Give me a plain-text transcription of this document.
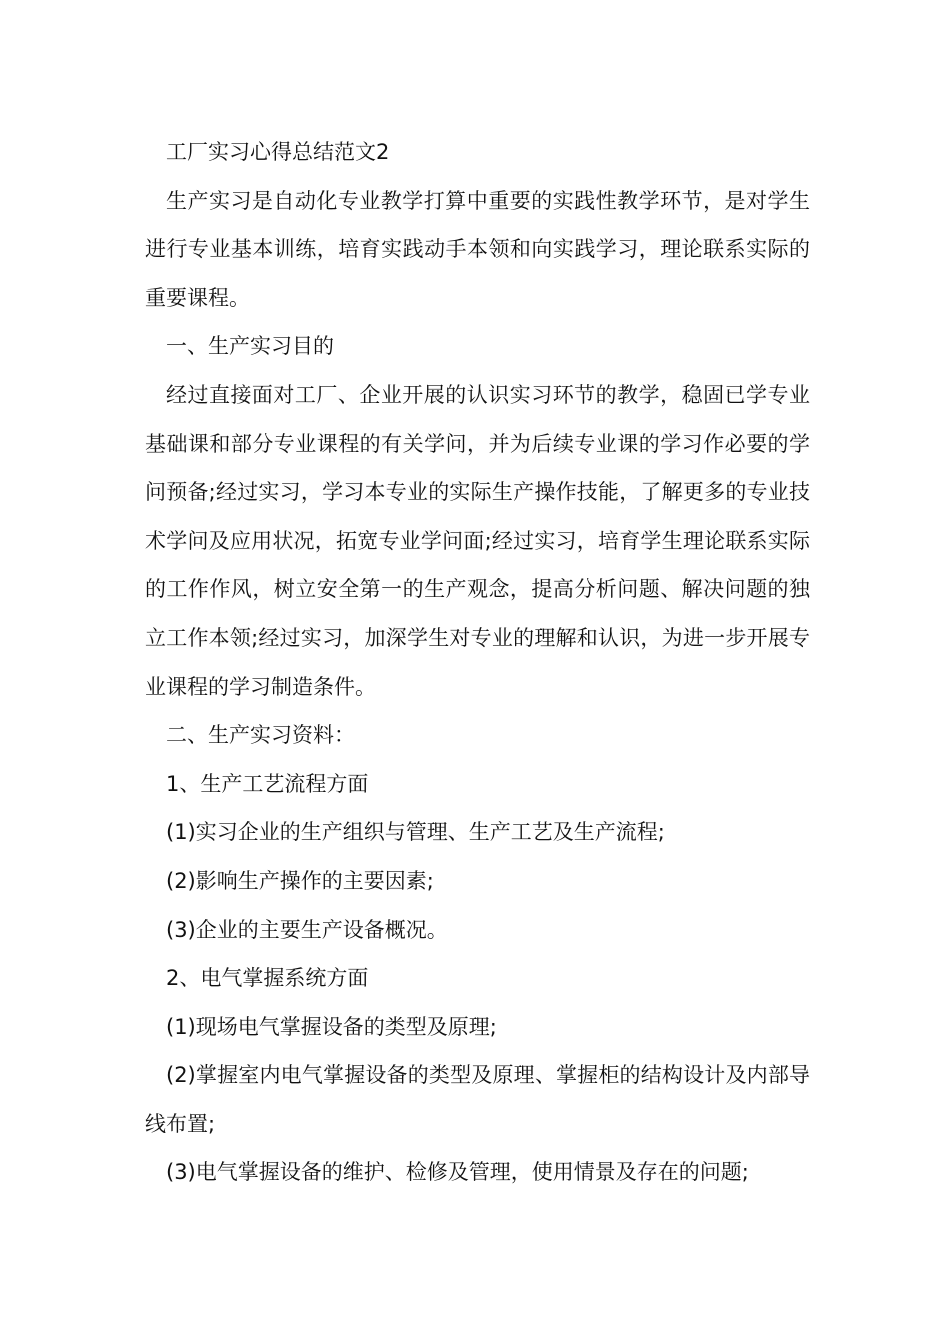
工厂实习心得总结范文2

生产实习是自动化专业教学打算中重要的实践性教学环节，是对学生进行专业基本训练，培育实践动手本领和向实践学习，理论联系实际的重要课程。

一、生产实习目的

经过直接面对工厂、企业开展的认识实习环节的教学，稳固已学专业基础课和部分专业课程的有关学问，并为后续专业课的学习作必要的学问预备;经过实习，学习本专业的实际生产操作技能，了解更多的专业技术学问及应用状况，拓宽专业学问面;经过实习，培育学生理论联系实际的工作作风，树立安全第一的生产观念，提高分析问题、解决问题的独立工作本领;经过实习，加深学生对专业的理解和认识，为进一步开展专业课程的学习制造条件。

二、生产实习资料：

1、生产工艺流程方面

(1)实习企业的生产组织与管理、生产工艺及生产流程;

(2)影响生产操作的主要因素;

(3)企业的主要生产设备概况。

2、电气掌握系统方面

(1)现场电气掌握设备的类型及原理;

(2)掌握室内电气掌握设备的类型及原理、掌握柜的结构设计及内部导线布置;

(3)电气掌握设备的维护、检修及管理，使用情景及存在的问题;
